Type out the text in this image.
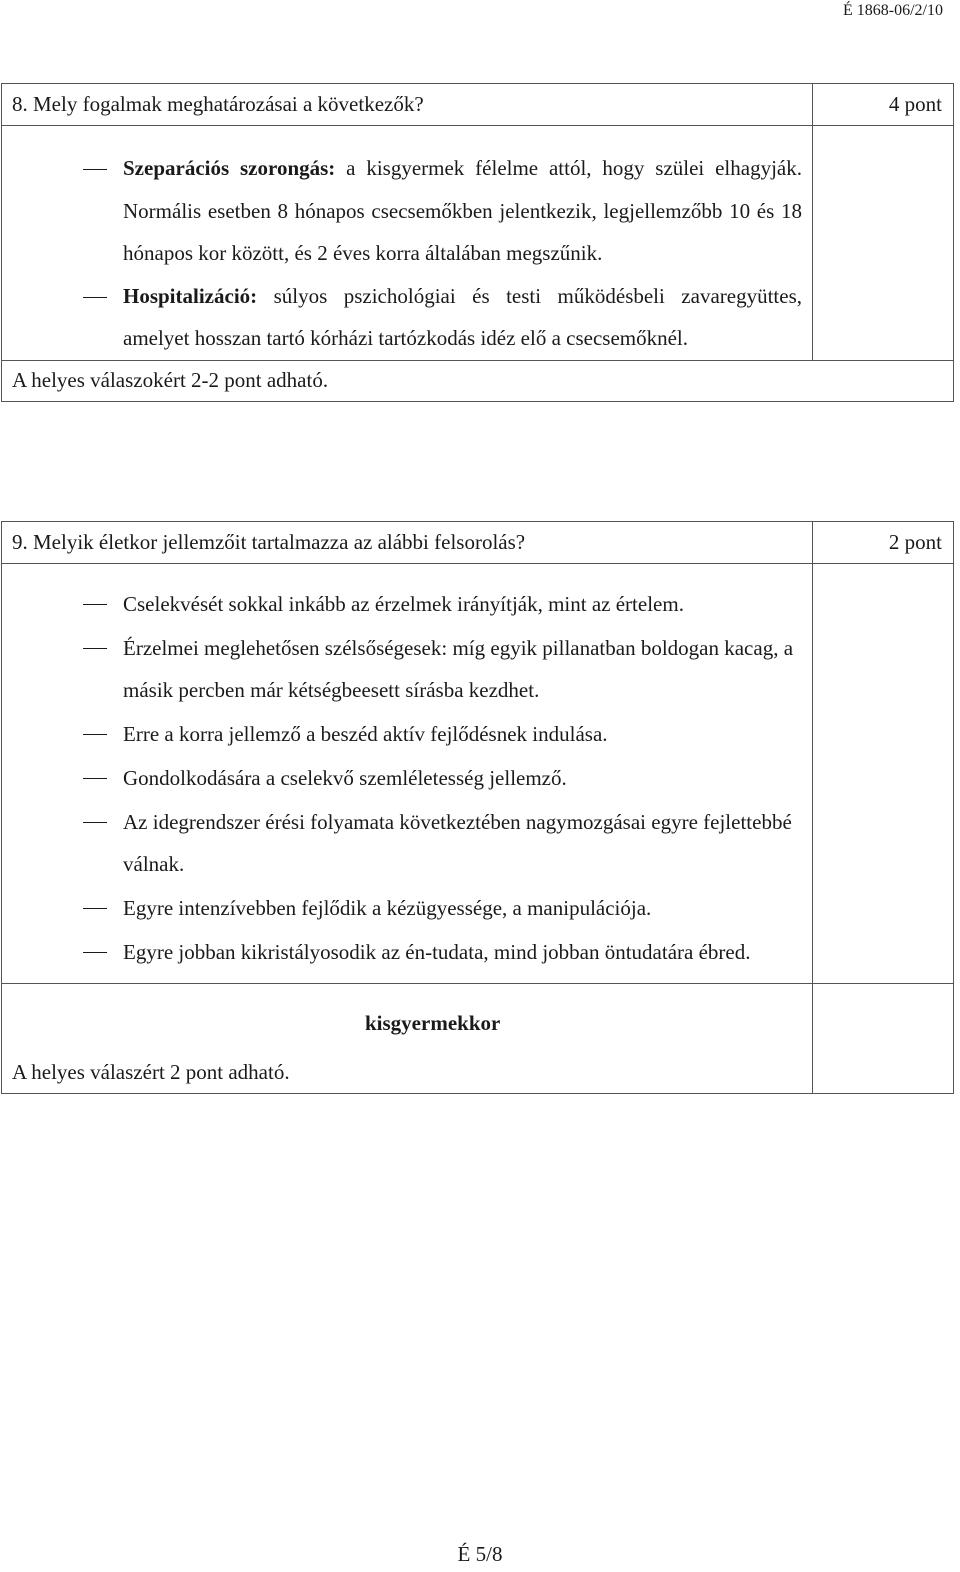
É 1868-06/2/10
8. Mely fogalmak meghatározásai a következők?	4 pont
Szeparációs szorongás: a kisgyermek félelme attól, hogy szülei elhagyják. Normális esetben 8 hónapos csecsemőkben jelentkezik, legjellemzőbb 10 és 18 hónapos kor között, és 2 éves korra általában megszűnik.
Hospitalizáció: súlyos pszichológiai és testi működésbeli zavaregyüttes, amelyet hosszan tartó kórházi tartózkodás idéz elő a csecsemőknél.
A helyes válaszokért 2-2 pont adható.
9. Melyik életkor jellemzőit tartalmazza az alábbi felsorolás?	2 pont
Cselekvését sokkal inkább az érzelmek irányítják, mint az értelem.
Érzelmei meglehetősen szélsőségesek: míg egyik pillanatban boldogan kacag, a másik percben már kétségbeesett sírásba kezdhet.
Erre a korra jellemző a beszéd aktív fejlődésnek indulása.
Gondolkodására a cselekvő szemléletesség jellemző.
Az idegrendszer érési folyamata következtében nagymozgásai egyre fejlettebbé válnak.
Egyre intenzívebben fejlődik a kézügyessége, a manipulációja.
Egyre jobban kikristályosodik az én-tudata, mind jobban öntudatára ébred.
kisgyermekkor
A helyes válaszért 2 pont adható.
É 5/8
